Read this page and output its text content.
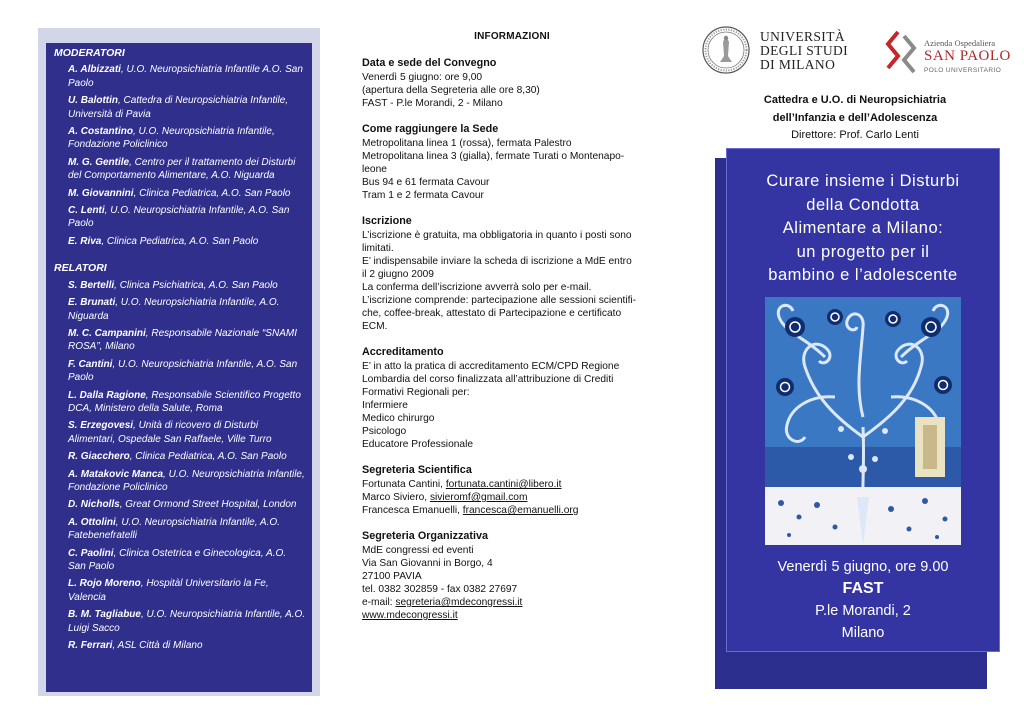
MODERATORI
A. Albizzati, U.O. Neuropsichiatria Infantile A.O. San Paolo
U. Balottin, Cattedra di Neuropsichiatria Infantile, Università di Pavia
A. Costantino, U.O. Neuropsichiatria Infantile, Fondazione Policlinico
M. G. Gentile, Centro per il trattamento dei Disturbi del Comportamento Alimentare, A.O. Niguarda
M. Giovannini, Clinica Pediatrica, A.O. San Paolo
C. Lenti, U.O. Neuropsichiatria Infantile, A.O. San Paolo
E. Riva, Clinica Pediatrica, A.O. San Paolo
RELATORI
S. Bertelli, Clinica Psichiatrica, A.O. San Paolo
E. Brunati, U.O. Neuropsichiatria Infantile, A.O. Niguarda
M. C. Campanini, Responsabile Nazionale “SNAMI ROSA”, Milano
F. Cantini, U.O. Neuropsichiatria Infantile, A.O. San Paolo
L. Dalla Ragione, Responsabile Scientifico Progetto DCA, Ministero della Salute, Roma
S. Erzegovesi, Unità di ricovero di Disturbi Alimentari, Ospedale San Raffaele, Ville Turro
R. Giacchero, Clinica Pediatrica, A.O. San Paolo
A. Matakovic Manca, U.O. Neuropsichiatria Infantile, Fondazione Policlinico
D. Nicholls, Great Ormond Street Hospital, London
A. Ottolini, U.O. Neuropsichiatria Infantile, A.O. Fatebenefratelli
C. Paolini, Clinica Ostetrica e Ginecologica, A.O. San Paolo
L. Rojo Moreno, Hospitàl Universitario la Fe, Valencia
B. M. Tagliabue, U.O. Neuropsichiatria Infantile, A.O. Luigi Sacco
R. Ferrari, ASL Città di Milano
INFORMAZIONI
Data e sede del Convegno
Venerdì 5 giugno: ore 9,00
(apertura della Segreteria alle ore 8,30)
FAST - P.le Morandi, 2 - Milano
Come raggiungere la Sede
Metropolitana linea 1 (rossa), fermata Palestro
Metropolitana linea 3 (gialla), fermate Turati o Montenapo-
leone
Bus 94 e 61 fermata Cavour
Tram 1 e 2 fermata Cavour
Iscrizione
L’iscrizione è gratuita, ma obbligatoria in quanto i posti sono
limitati.
E’ indispensabile inviare la scheda di iscrizione a MdE entro
il 2 giugno 2009
La conferma dell’iscrizione avverrà solo per e-mail.
L’iscrizione comprende: partecipazione alle sessioni scientifi-
che, coffee-break, attestato di Partecipazione e certificato
ECM.
Accreditamento
E’ in atto la pratica di accreditamento ECM/CPD Regione
Lombardia del corso finalizzata all’attribuzione di Crediti
Formativi Regionali per:
Infermiere
Medico chirurgo
Psicologo
Educatore Professionale
Segreteria Scientifica
Fortunata Cantini, fortunata.cantini@libero.it
Marco Siviero, sivieromf@gmail.com
Francesca Emanuelli, francesca@emanuelli.org
Segreteria Organizzativa
MdE congressi ed eventi
Via San Giovanni in Borgo, 4
27100 PAVIA
tel. 0382 302859 - fax 0382 27697
e-mail: segreteria@mdecongressi.it
www.mdecongressi.it
UNIVERSITÀ
DEGLI STUDI
DI MILANO
Azienda Ospedaliera
SAN PAOLO
POLO UNIVERSITARIO
Cattedra e U.O. di Neuropsichiatria
dell’Infanzia e dell’Adolescenza
Direttore: Prof. Carlo Lenti
Curare insieme i Disturbi
della Condotta
Alimentare a Milano:
un progetto per il
bambino e l’adolescente
Venerdì 5 giugno, ore 9.00
FAST
P.le Morandi, 2
Milano
